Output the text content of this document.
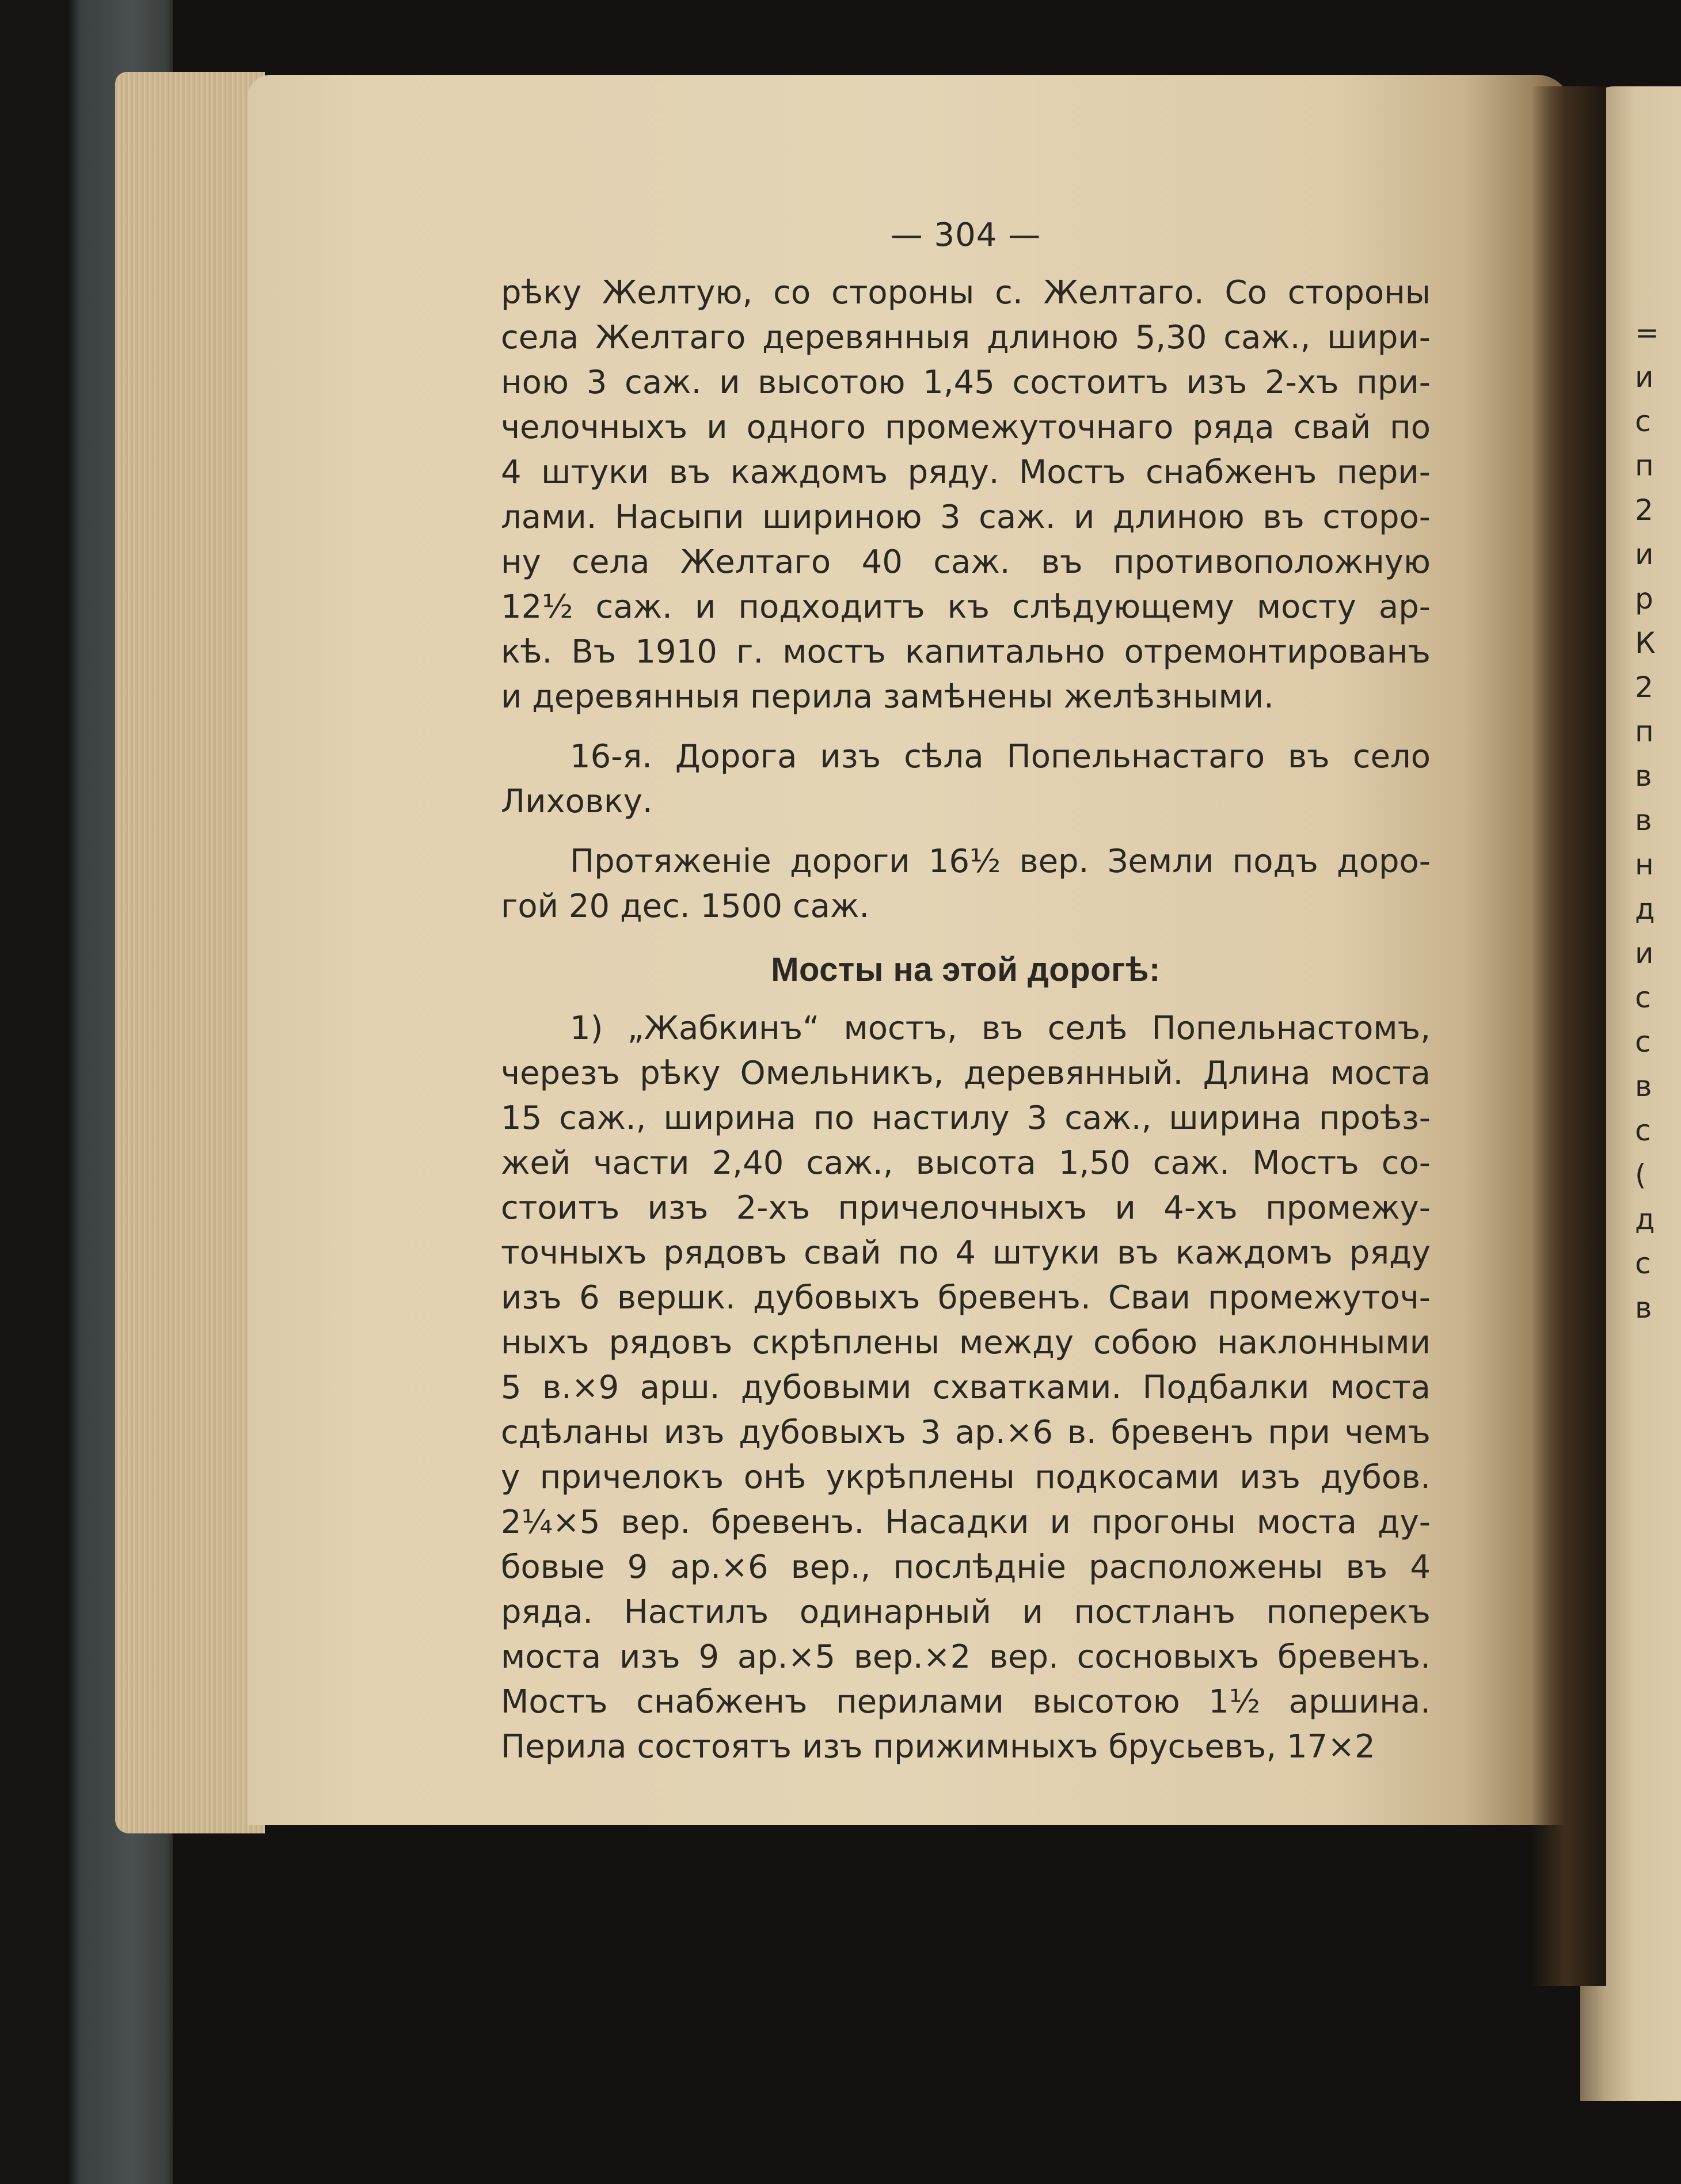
=
и
с
п
2
и
р
К
2
п
в
в
н
д
и
с
с
в
с
(
д
с
в
— 304 —
рѣку Желтую, со стороны с. Желтаго. Со стороны
села Желтаго деревянныя длиною 5,30 саж., шири-
ною 3 саж. и высотою 1,45 состоитъ изъ 2-хъ при-
челочныхъ и одного промежуточнаго ряда свай по
4 штуки въ каждомъ ряду. Мостъ снабженъ пери-
лами. Насыпи шириною 3 саж. и длиною въ сторо-
ну села Желтаго 40 саж. въ противоположную
12½ саж. и подходитъ къ слѣдующему мосту ар-
кѣ. Въ 1910 г. мостъ капитально отремонтированъ
и деревянныя перила замѣнены желѣзными.
16-я. Дорога изъ сѣла Попельнастаго въ село
Лиховку.
Протяженіе дороги 16½ вер. Земли подъ доро-
гой 20 дес. 1500 саж.
Мосты на этой дорогѣ:
1) „Жабкинъ“ мостъ, въ селѣ Попельнастомъ,
черезъ рѣку Омельникъ, деревянный. Длина моста
15 саж., ширина по настилу 3 саж., ширина проѣз-
жей части 2,40 саж., высота 1,50 саж. Мостъ со-
стоитъ изъ 2-хъ причелочныхъ и 4-хъ промежу-
точныхъ рядовъ свай по 4 штуки въ каждомъ ряду
изъ 6 вершк. дубовыхъ бревенъ. Сваи промежуточ-
ныхъ рядовъ скрѣплены между собою наклонными
5 в.×9 арш. дубовыми схватками. Подбалки моста
сдѣланы изъ дубовыхъ 3 ар.×6 в. бревенъ при чемъ
у причелокъ онѣ укрѣплены подкосами изъ дубов.
2¼×5 вер. бревенъ. Насадки и прогоны моста ду-
бовые 9 ар.×6 вер., послѣдніе расположены въ 4
ряда. Настилъ одинарный и постланъ поперекъ
моста изъ 9 ар.×5 вер.×2 вер. сосновыхъ бревенъ.
Мостъ снабженъ перилами высотою 1½ аршина.
Перила состоятъ изъ прижимныхъ брусьевъ, 17×2
